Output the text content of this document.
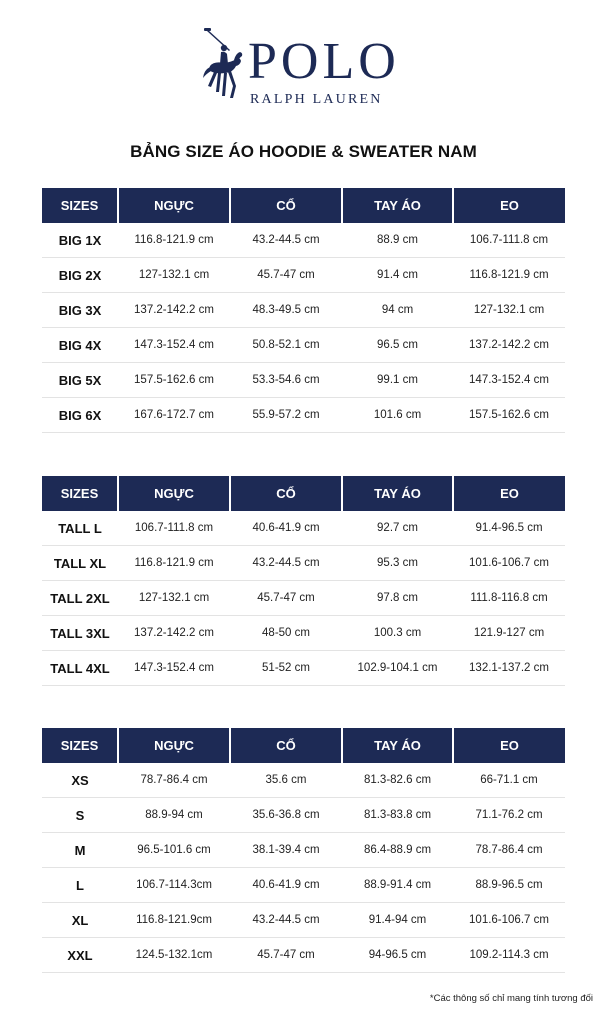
POLO
RALPH LAUREN
BẢNG SIZE ÁO HOODIE & SWEATER NAM
SIZES	NGỰC	CỔ	TAY ÁO	EO
BIG 1X	116.8-121.9 cm	43.2-44.5 cm	88.9 cm	106.7-111.8 cm
BIG 2X	127-132.1 cm	45.7-47 cm	91.4 cm	116.8-121.9 cm
BIG 3X	137.2-142.2 cm	48.3-49.5 cm	94 cm	127-132.1 cm
BIG 4X	147.3-152.4 cm	50.8-52.1 cm	96.5 cm	137.2-142.2 cm
BIG 5X	157.5-162.6 cm	53.3-54.6 cm	99.1 cm	147.3-152.4 cm
BIG 6X	167.6-172.7 cm	55.9-57.2 cm	101.6 cm	157.5-162.6 cm
SIZES	NGỰC	CỔ	TAY ÁO	EO
TALL L	106.7-111.8 cm	40.6-41.9 cm	92.7 cm	91.4-96.5 cm
TALL XL	116.8-121.9 cm	43.2-44.5 cm	95.3 cm	101.6-106.7 cm
TALL 2XL	127-132.1 cm	45.7-47 cm	97.8 cm	111.8-116.8 cm
TALL 3XL	137.2-142.2 cm	48-50 cm	100.3 cm	121.9-127 cm
TALL 4XL	147.3-152.4 cm	51-52 cm	102.9-104.1 cm	132.1-137.2 cm
SIZES	NGỰC	CỔ	TAY ÁO	EO
XS	78.7-86.4 cm	35.6 cm	81.3-82.6 cm	66-71.1 cm
S	88.9-94 cm	35.6-36.8 cm	81.3-83.8 cm	71.1-76.2 cm
M	96.5-101.6 cm	38.1-39.4 cm	86.4-88.9 cm	78.7-86.4 cm
L	106.7-114.3cm	40.6-41.9 cm	88.9-91.4 cm	88.9-96.5 cm
XL	116.8-121.9cm	43.2-44.5 cm	91.4-94 cm	101.6-106.7 cm
XXL	124.5-132.1cm	45.7-47 cm	94-96.5 cm	109.2-114.3 cm
*Các thông số chỉ mang tính tương đối
